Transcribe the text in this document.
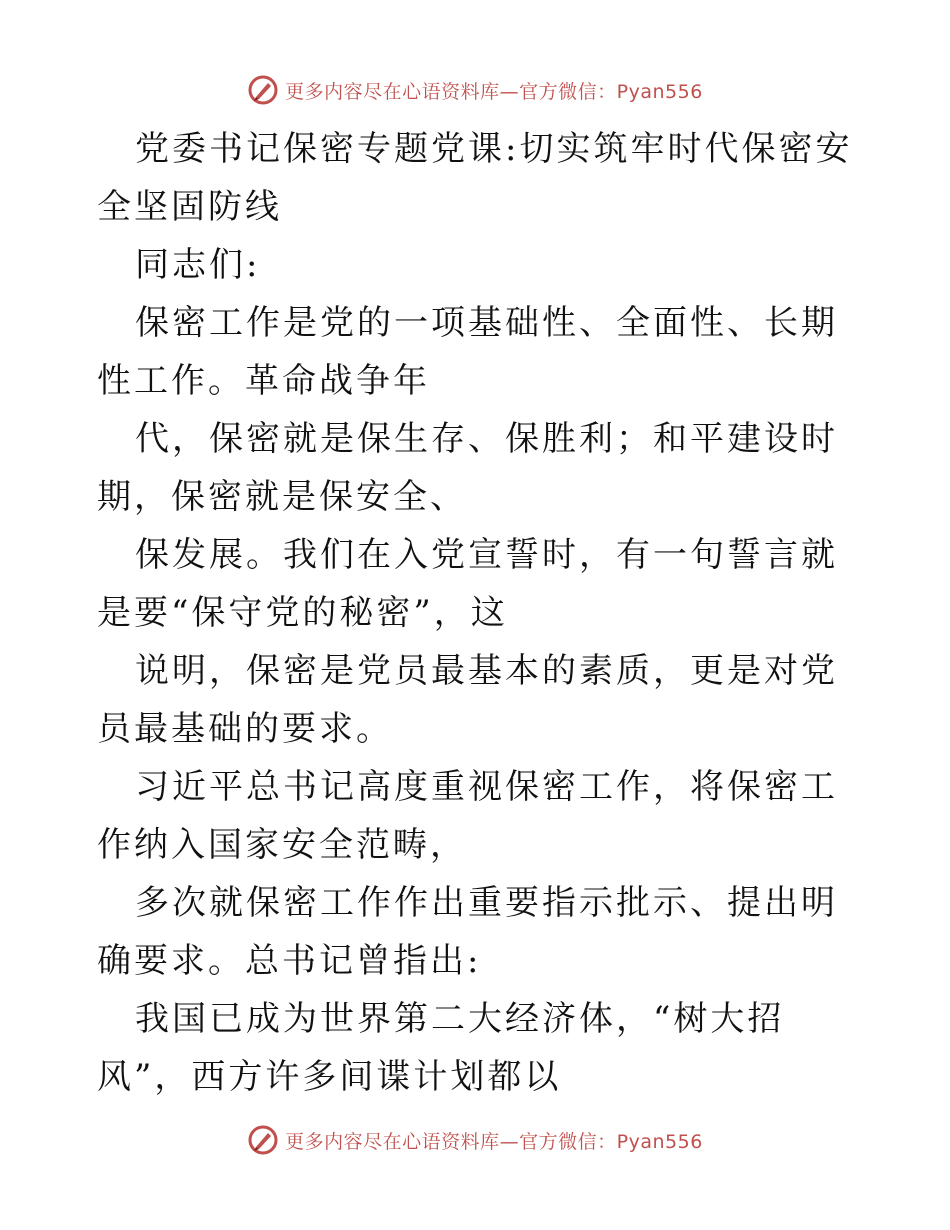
更多内容尽在心语资料库—官方微信：Pyan556

党委书记保密专题党课:切实筑牢时代保密安全坚固防线

同志们:

保密工作是党的一项基础性、全面性、长期性工作。革命战争年

代，保密就是保生存、保胜利；和平建设时期，保密就是保安全、

保发展。我们在入党宣誓时，有一句誓言就是要“保守党的秘密”，这

说明，保密是党员最基本的素质，更是对党员最基础的要求。

习近平总书记高度重视保密工作，将保密工作纳入国家安全范畴，

多次就保密工作作出重要指示批示、提出明确要求。总书记曾指出:

我国已成为世界第二大经济体，“树大招风”，西方许多间谍计划都以

更多内容尽在心语资料库—官方微信：Pyan556
